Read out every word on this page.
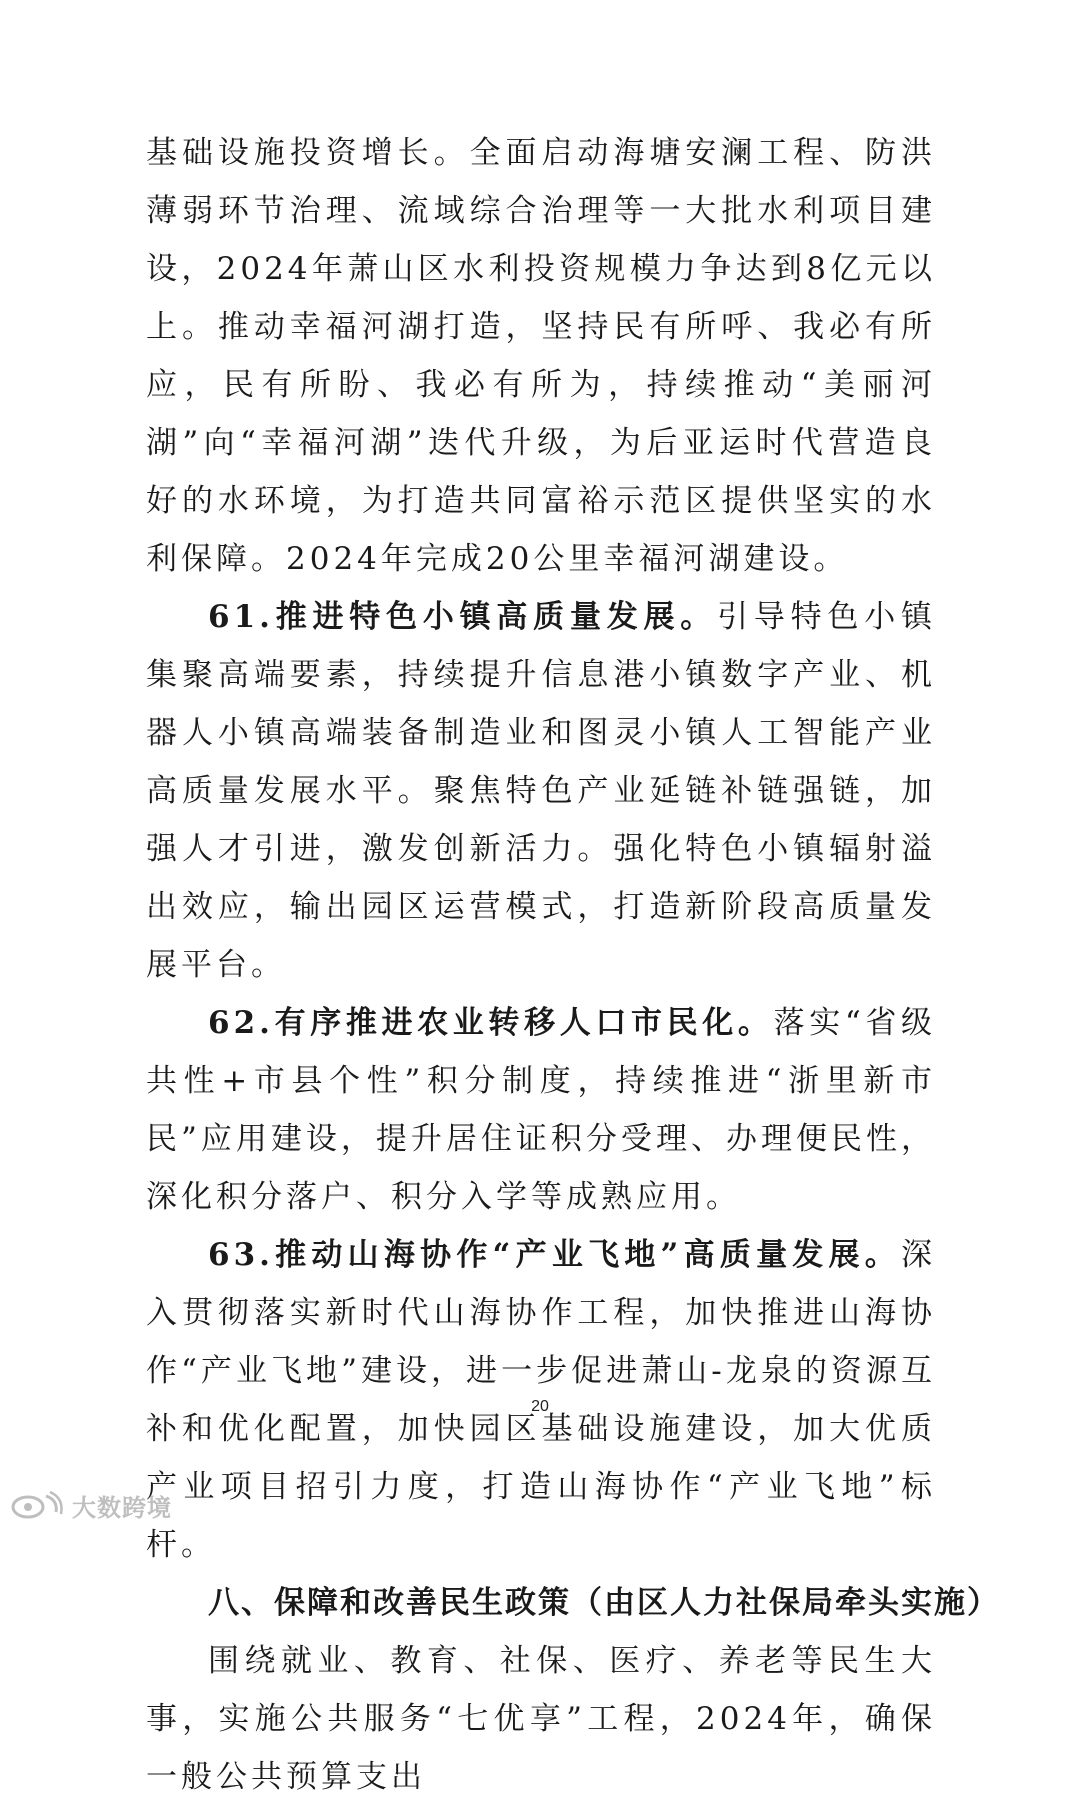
基础设施投资增长。全面启动海塘安澜工程、防洪薄弱环节治理、流域综合治理等一大批水利项目建设，2024年萧山区水利投资规模力争达到8亿元以上。推动幸福河湖打造，坚持民有所呼、我必有所应，民有所盼、我必有所为，持续推动“美丽河湖”向“幸福河湖”迭代升级，为后亚运时代营造良好的水环境，为打造共同富裕示范区提供坚实的水利保障。2024年完成20公里幸福河湖建设。

61.推进特色小镇高质量发展。引导特色小镇集聚高端要素，持续提升信息港小镇数字产业、机器人小镇高端装备制造业和图灵小镇人工智能产业高质量发展水平。聚焦特色产业延链补链强链，加强人才引进，激发创新活力。强化特色小镇辐射溢出效应，输出园区运营模式，打造新阶段高质量发展平台。

62.有序推进农业转移人口市民化。落实“省级共性+市县个性”积分制度，持续推进“浙里新市民”应用建设，提升居住证积分受理、办理便民性，深化积分落户、积分入学等成熟应用。

63.推动山海协作“产业飞地”高质量发展。深入贯彻落实新时代山海协作工程，加快推进山海协作“产业飞地”建设，进一步促进萧山-龙泉的资源互补和优化配置，加快园区基础设施建设，加大优质产业项目招引力度，打造山海协作“产业飞地”标杆。

八、保障和改善民生政策（由区人力社保局牵头实施）

围绕就业、教育、社保、医疗、养老等民生大事，实施公共服务“七优享”工程，2024年，确保一般公共预算支出

20
大数跨境
